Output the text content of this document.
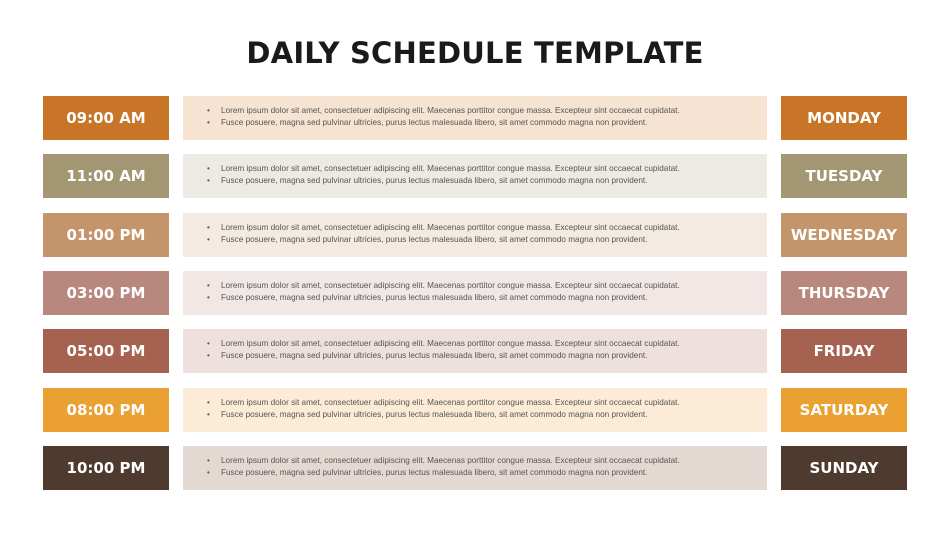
DAILY SCHEDULE TEMPLATE
09:00 AM	• Lorem ipsum dolor sit amet, consectetuer adipiscing elit. Maecenas porttitor congue massa. Excepteur sint occaecat cupidatat.
• Fusce posuere, magna sed pulvinar ultricies, purus lectus malesuada libero, sit amet commodo magna non provident.	MONDAY
11:00 AM	• Lorem ipsum dolor sit amet, consectetuer adipiscing elit. Maecenas porttitor congue massa. Excepteur sint occaecat cupidatat.
• Fusce posuere, magna sed pulvinar ultricies, purus lectus malesuada libero, sit amet commodo magna non provident.	TUESDAY
01:00 PM	• Lorem ipsum dolor sit amet, consectetuer adipiscing elit. Maecenas porttitor congue massa. Excepteur sint occaecat cupidatat.
• Fusce posuere, magna sed pulvinar ultricies, purus lectus malesuada libero, sit amet commodo magna non provident.	WEDNESDAY
03:00 PM	• Lorem ipsum dolor sit amet, consectetuer adipiscing elit. Maecenas porttitor congue massa. Excepteur sint occaecat cupidatat.
• Fusce posuere, magna sed pulvinar ultricies, purus lectus malesuada libero, sit amet commodo magna non provident.	THURSDAY
05:00 PM	• Lorem ipsum dolor sit amet, consectetuer adipiscing elit. Maecenas porttitor congue massa. Excepteur sint occaecat cupidatat.
• Fusce posuere, magna sed pulvinar ultricies, purus lectus malesuada libero, sit amet commodo magna non provident.	FRIDAY
08:00 PM	• Lorem ipsum dolor sit amet, consectetuer adipiscing elit. Maecenas porttitor congue massa. Excepteur sint occaecat cupidatat.
• Fusce posuere, magna sed pulvinar ultricies, purus lectus malesuada libero, sit amet commodo magna non provident.	SATURDAY
10:00 PM	• Lorem ipsum dolor sit amet, consectetuer adipiscing elit. Maecenas porttitor congue massa. Excepteur sint occaecat cupidatat.
• Fusce posuere, magna sed pulvinar ultricies, purus lectus malesuada libero, sit amet commodo magna non provident.	SUNDAY
